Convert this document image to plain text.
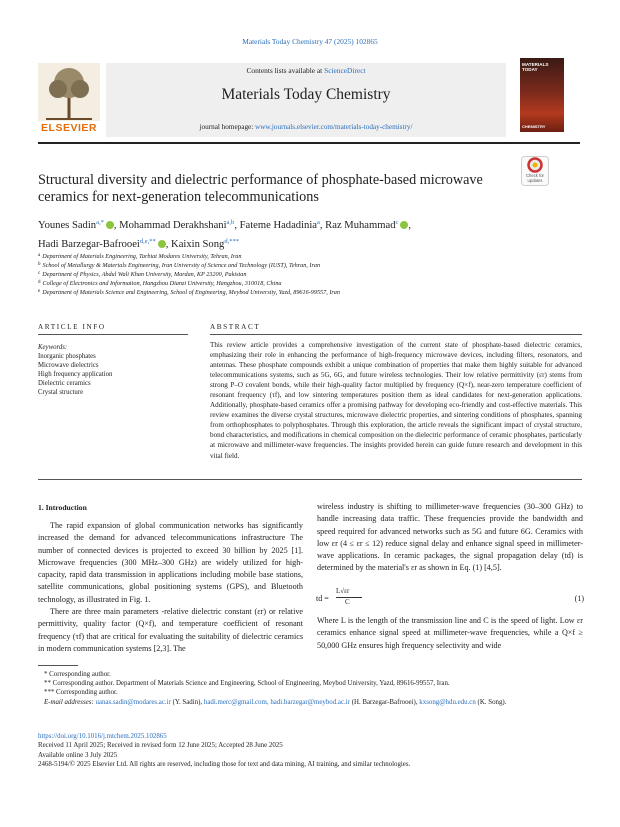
Materials Today Chemistry 47 (2025) 102865
ELSEVIER
Contents lists available at ScienceDirect
Materials Today Chemistry
journal homepage: www.journals.elsevier.com/materials-today-chemistry/
MATERIALS TODAY
CHEMISTRY
Check for
updates
Structural diversity and dielectric performance of phosphate-based microwave ceramics for next-generation telecommunications
Younes Sadin$^{a,*}$ , Mohammad Derakhshani$^{a,b}$, Fateme Hadadinia$^a$, Raz Muhammad$^c$ ,
Hadi Barzegar-Bafrooei$^{d,e,**}$ , Kaixin Song$^{d,***}$
$^a$ Department of Materials Engineering, Tarbiat Modares University, Tehran, Iran
$^b$ School of Metallurgy & Materials Engineering, Iran University of Science and Technology (IUST), Tehran, Iran
$^c$ Department of Physics, Abdul Wali Khan University, Mardan, KP 23200, Pakistan
$^d$ College of Electronics and Information, Hangzhou Dianzi University, Hangzhou, 310018, China
$^e$ Department of Materials Science and Engineering, School of Engineering, Meybod University, Yazd, 89616-99557, Iran
ARTICLE INFO
Keywords:
Inorganic phosphates
Microwave dielectrics
High frequency application
Dielectric ceramics
Crystal structure
ABSTRACT
This review article provides a comprehensive investigation of the current state of phosphate-based dielectric ceramics, emphasizing their role in enhancing the performance of high-frequency microwave devices, including filters, resonators, and antennas. These phosphate compounds exhibit a unique combination of properties that make them highly suitable for advanced telecommunications systems, such as 5G, 6G, and future wireless technologies. Their low relative permittivity (εr) stems from strong P–O covalent bonds, while their high-quality factor multiplied by frequency (Q×f), near-zero temperature coefficient of resonant frequency (τf), and low sintering temperatures position them as ideal candidates for next-generation applications. Additionally, phosphate-based ceramics offer a promising pathway for developing eco-friendly and cost-effective materials. This review examines the diverse crystal structures, microwave dielectric properties, and sintering conditions of phosphates, spanning from orthophosphates to polyphosphates. Through this exploration, the article reveals the significant impact of crystal structure, bond characteristics, and modifications in chemical composition on the dielectric performance of ceramic phosphates, particularly at microwave and millimeter-wave frequencies. The insights provided herein can guide future research and development in this vital field.
1. Introduction

The rapid expansion of global communication networks has significantly increased the demand for advanced telecommunications infrastructure The number of connected devices is projected to exceed 30 billion by 2025 [1]. Microwave frequencies (300 MHz–300 GHz) are widely utilized for high-capacity, rapid data transmission in applications including mobile base stations, satellite communications, global positioning systems (GPS), and Bluetooth technology, as illustrated in Fig. 1.

There are three main parameters -relative dielectric constant (εr) or relative permittivity, quality factor (Q×f), and temperature coefficient of resonant frequency (τf) that are critical for evaluating the suitability of dielectric ceramics in modern communication systems [2,3]. The

wireless industry is shifting to millimeter-wave frequencies (30–300 GHz) to handle increasing data traffic. These frequencies provide the bandwidth and speed required for advanced networks such as 5G and future 6G. Ceramics with low εr (4 ≤ εr ≤ 12) reduce signal delay and enhance signal speed in millimeter-wave applications. In ceramic packages, the signal propagation delay (td) is determined by the material's εr as shown in Eq. (1) [4,5].

td =
L√εr
C	(1)

Where L is the length of the transmission line and C is the speed of light. Low εr ceramics enhance signal speed at millimeter-wave frequencies, while a Q×f ≥ 50,000 GHz ensures high frequency selectivity and wide

* Corresponding author.
** Corresponding author. Department of Materials Science and Engineering, School of Engineering, Meybod University, Yazd, 89616-99557, Iran.
*** Corresponding author.
E-mail addresses: uanas.sadin@modares.ac.ir (Y. Sadin), hadi.merc@gmail.com, hadi.barzegar@meybod.ac.ir (H. Barzegar-Bafrooei), kxsong@hdu.edu.cn (K. Song).
https://doi.org/10.1016/j.mtchem.2025.102865
Received 11 April 2025; Received in revised form 12 June 2025; Accepted 28 June 2025
Available online 3 July 2025
2468-5194/© 2025 Elsevier Ltd. All rights are reserved, including those for text and data mining, AI training, and similar technologies.
